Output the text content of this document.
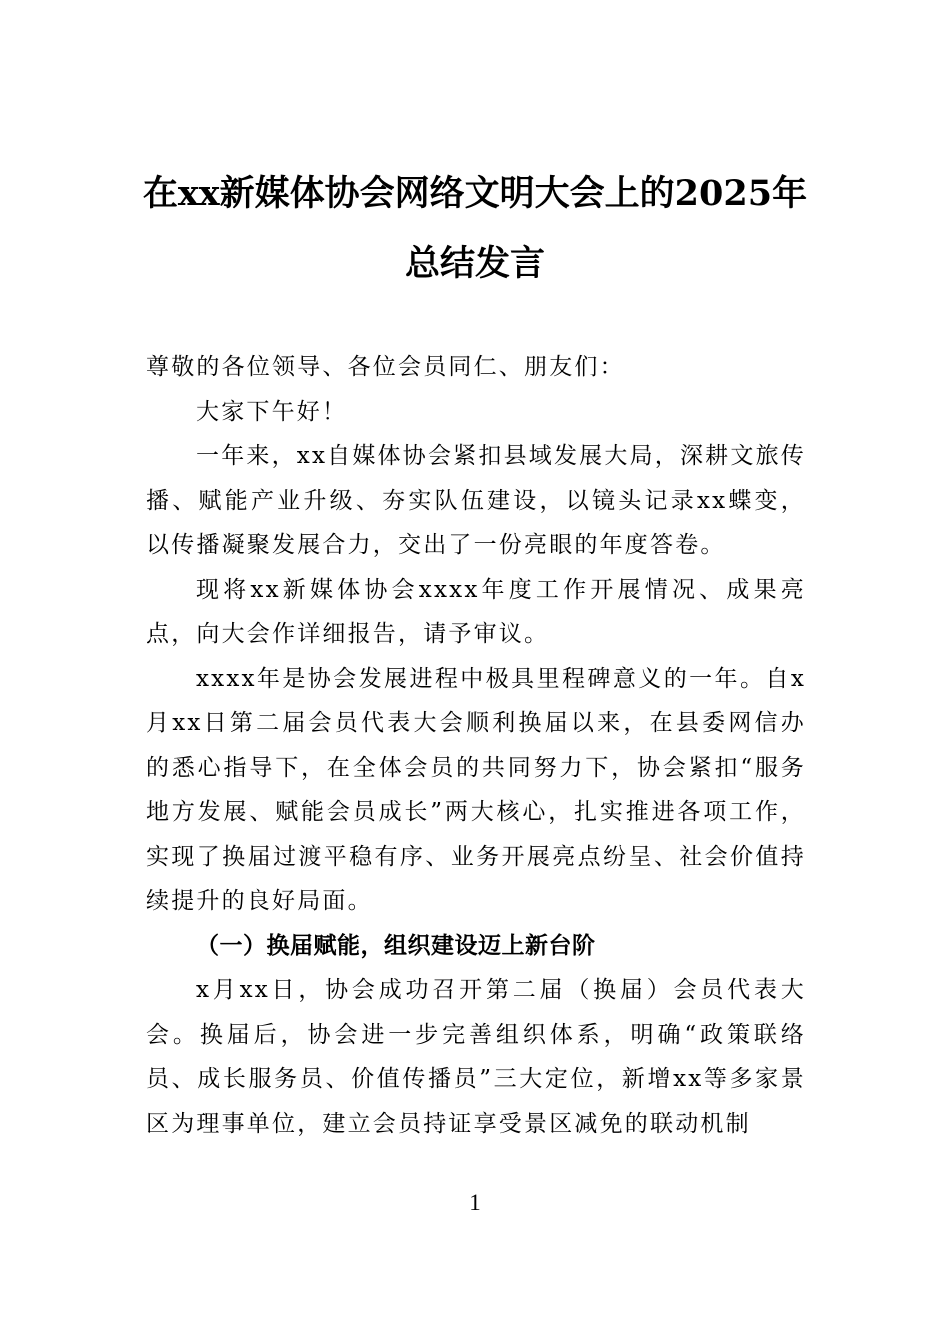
在xx新媒体协会网络文明大会上的2025年
总结发言

尊敬的各位领导、各位会员同仁、朋友们：

大家下午好！

一年来，xx自媒体协会紧扣县域发展大局，深耕文旅传播、赋能产业升级、夯实队伍建设，以镜头记录xx蝶变，以传播凝聚发展合力，交出了一份亮眼的年度答卷。

现将xx新媒体协会xxxx年度工作开展情况、成果亮点，向大会作详细报告，请予审议。

xxxx年是协会发展进程中极具里程碑意义的一年。自x月xx日第二届会员代表大会顺利换届以来，在县委网信办的悉心指导下，在全体会员的共同努力下，协会紧扣“服务地方发展、赋能会员成长”两大核心，扎实推进各项工作，实现了换届过渡平稳有序、业务开展亮点纷呈、社会价值持续提升的良好局面。

（一）换届赋能，组织建设迈上新台阶

x月xx日，协会成功召开第二届（换届）会员代表大会。换届后，协会进一步完善组织体系，明确“政策联络员、成长服务员、价值传播员”三大定位，新增xx等多家景区为理事单位，建立会员持证享受景区减免的联动机制

1
